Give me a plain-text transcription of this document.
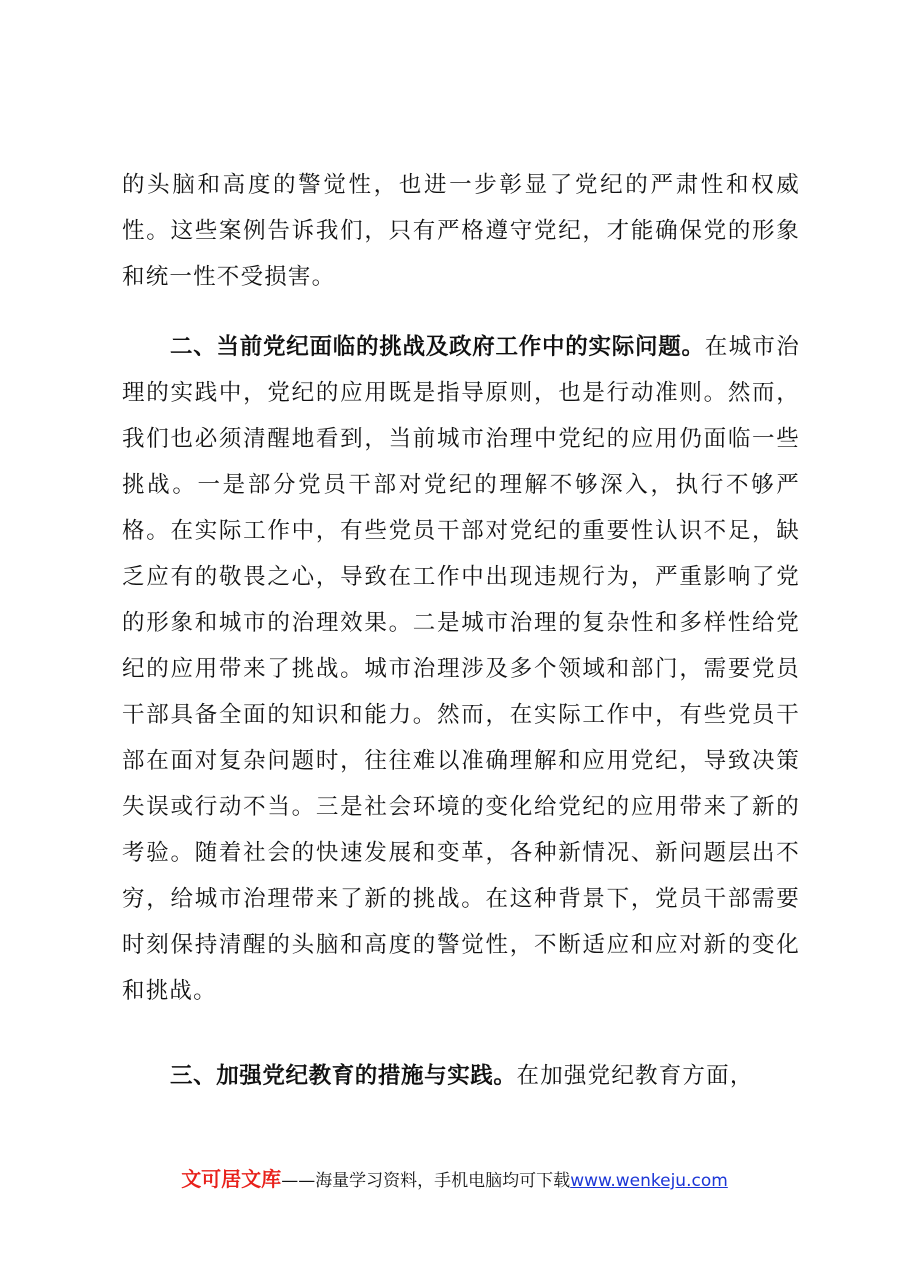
的头脑和高度的警觉性，也进一步彰显了党纪的严肃性和权威性。这些案例告诉我们，只有严格遵守党纪，才能确保党的形象和统一性不受损害。

二、当前党纪面临的挑战及政府工作中的实际问题。在城市治理的实践中，党纪的应用既是指导原则，也是行动准则。然而，我们也必须清醒地看到，当前城市治理中党纪的应用仍面临一些挑战。一是部分党员干部对党纪的理解不够深入，执行不够严格。在实际工作中，有些党员干部对党纪的重要性认识不足，缺乏应有的敬畏之心，导致在工作中出现违规行为，严重影响了党的形象和城市的治理效果。二是城市治理的复杂性和多样性给党纪的应用带来了挑战。城市治理涉及多个领域和部门，需要党员干部具备全面的知识和能力。然而，在实际工作中，有些党员干部在面对复杂问题时，往往难以准确理解和应用党纪，导致决策失误或行动不当。三是社会环境的变化给党纪的应用带来了新的考验。随着社会的快速发展和变革，各种新情况、新问题层出不穷，给城市治理带来了新的挑战。在这种背景下，党员干部需要时刻保持清醒的头脑和高度的警觉性，不断适应和应对新的变化和挑战。

三、加强党纪教育的措施与实践。在加强党纪教育方面，

文可居文库——海量学习资料，手机电脑均可下载www.wenkeju.com
